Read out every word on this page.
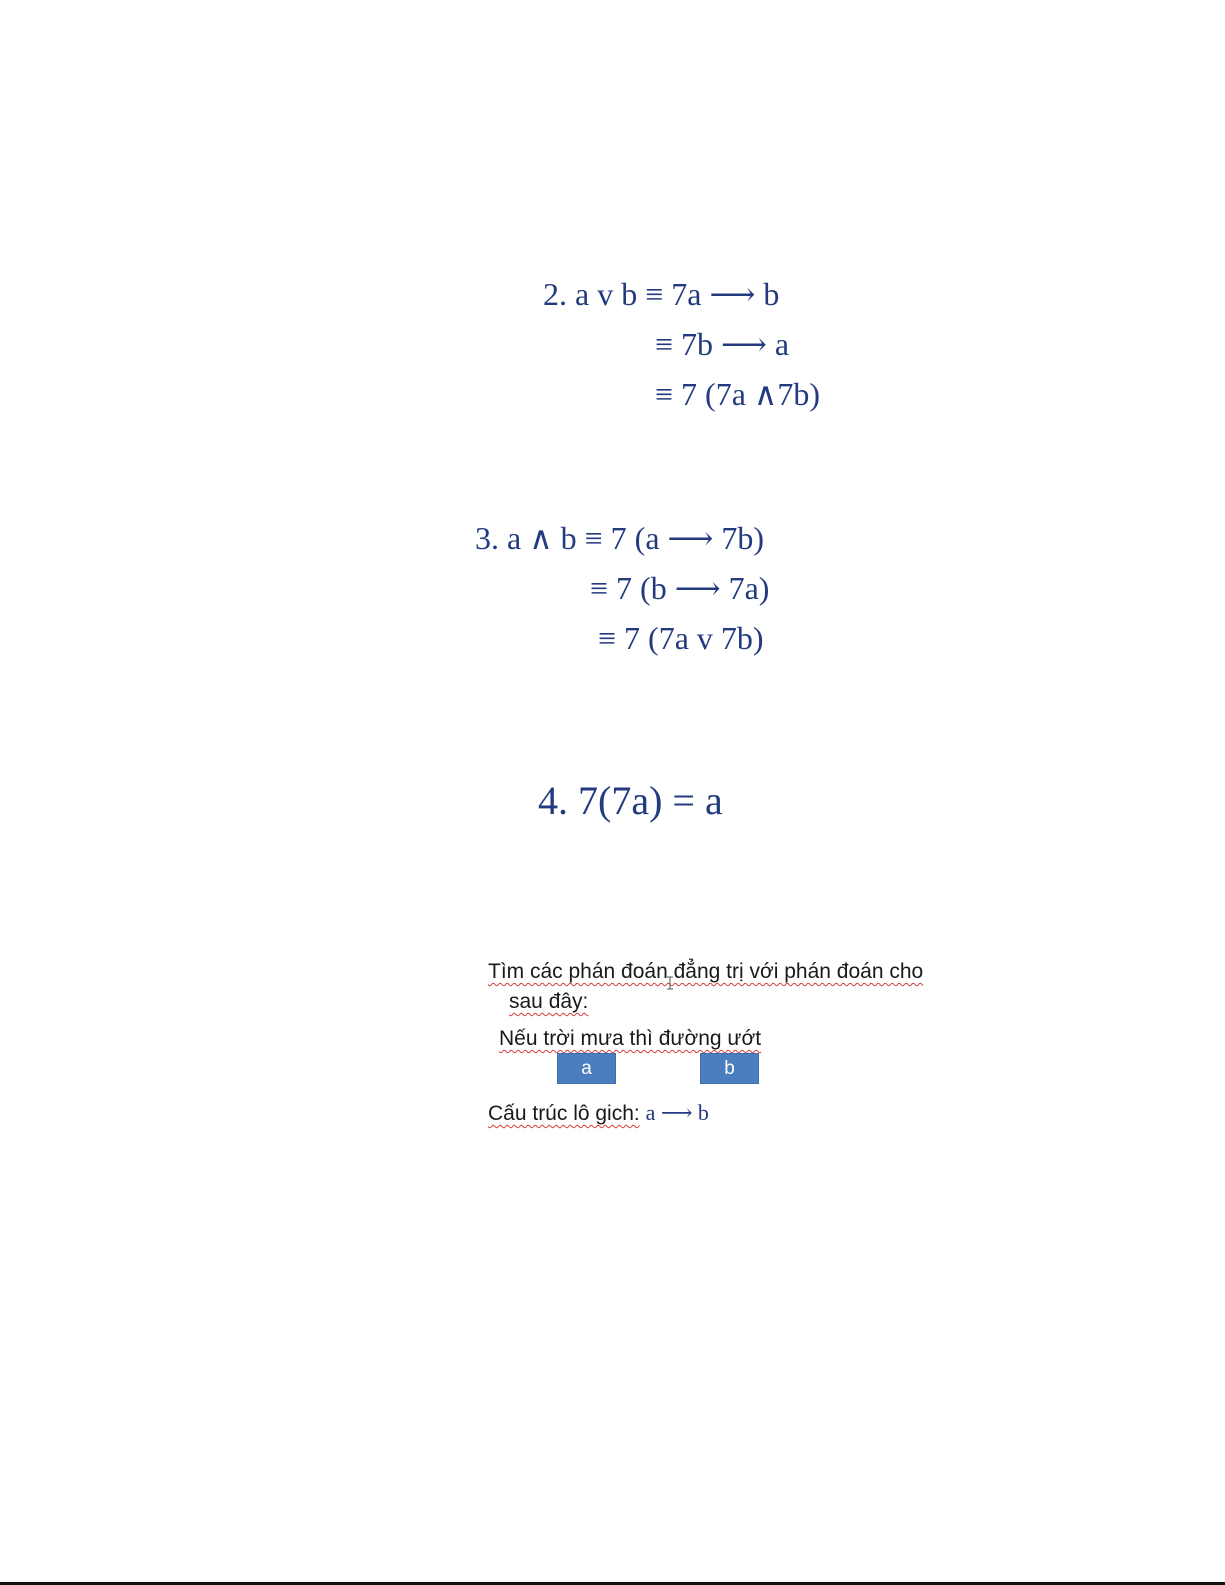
2. a v b ≡ 7a ⟶ b

≡ 7b ⟶ a

≡ 7 (7a ∧7b)

3. a ∧ b ≡ 7 (a ⟶ 7b)

≡ 7 (b ⟶ 7a)

≡ 7 (7a v 7b)

4. 7(7a) = a

Tìm các phán đoán đẳng trị với phán đoán cho

sau đây:

Nếu trời mưa thì đường ướt

a	b

Cấu trúc lô gich: a ⟶ b
